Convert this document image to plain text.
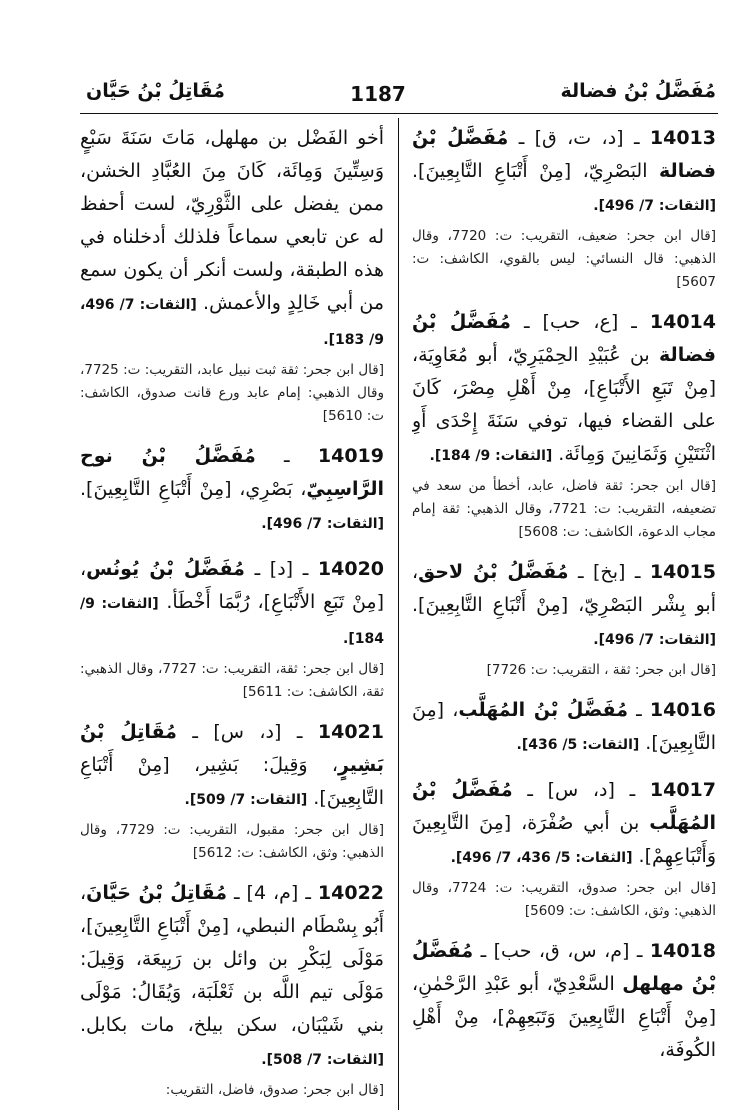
مُفَضَّلُ بْنُ فضالة
1187
مُقَاتِلُ بْنُ حَيَّان
14013 ـ [د، ت، ق] ـ مُفَضَّلُ بْنُ فضالة البَصْرِيّ، [مِنْ أَتْبَاعِ التَّابِعِينَ]. [الثقات: 7/ 496].
[قال ابن جحر: ضعيف، التقريب: ت: 7720، وقال الذهبي: قال النسائي: ليس بالقوي، الكاشف: ت: 5607]
14014 ـ [ع، حب] ـ مُفَضَّلُ بْنُ فضالة بن عُبَيْدِ الحِمْيَرِيّ، أبو مُعَاوِيَة، [مِنْ تَبَعِ الأَتْبَاعِ]، مِنْ أَهْلِ مِصْرَ، كَانَ على القضاء فيها، توفي سَنَةَ إِحْدَى أَوِ اثْنَتَيْنِ وَثَمَانِينَ وَمِائَة. [الثقات: 9/ 184].
[قال ابن جحر: ثقة فاضل، عابد، أخطأ من سعد في تضعيفه، التقريب: ت: 7721، وقال الذهبي: ثقة إمام مجاب الدعوة، الكاشف: ت: 5608]
14015 ـ [بخ] ـ مُفَضَّلُ بْنُ لاحق، أبو بِشْر البَصْرِيّ، [مِنْ أَتْبَاعِ التَّابِعِينَ]. [الثقات: 7/ 496].
[قال ابن جحر: ثقة ، التقريب: ت: 7726]
14016 ـ مُفَضَّلُ بْنُ المُهَلَّب، [مِنَ التَّابِعِينَ]. [الثقات: 5/ 436].
14017 ـ [د، س] ـ مُفَضَّلُ بْنُ المُهَلَّب بن أبي صُفْرَة، [مِنَ التَّابِعِينَ وَأَتْبَاعِهِمْ]. [الثقات: 5/ 436، 7/ 496].
[قال ابن جحر: صدوق، التقريب: ت: 7724، وقال الذهبي: وثق، الكاشف: ت: 5609]
14018 ـ [م، س، ق، حب] ـ مُفَضَّلُ بْنُ مهلهل السَّعْدِيّ، أبو عَبْدِ الرَّحْمٰنِ، [مِنْ أَتْبَاعِ التَّابِعِينَ وَتَبَعِهِمْ]، مِنْ أَهْلِ الكُوفَة،
أخو الفَضْل بن مهلهل، مَاتَ سَنَةَ سَبْعٍ وَسِتِّينَ وَمِائَة، كَانَ مِنَ العُبَّادِ الخشن، ممن يفضل على الثَّوْرِيّ، لست أحفظ له عن تابعي سماعاً فلذلك أدخلناه في هذه الطبقة، ولست أنكر أن يكون سمع من أبي خَالِدٍ والأعمش. [الثقات: 7/ 496، 9/ 183].
[قال ابن جحر: ثقة ثبت نبيل عابد، التقريب: ت: 7725، وقال الذهبي: إمام عابد ورع قانت صدوق، الكاشف: ت: 5610]
14019 ـ مُفَضَّلُ بْنُ نوح الرَّاسِبِيّ، بَصْرِي، [مِنْ أَتْبَاعِ التَّابِعِينَ]. [الثقات: 7/ 496].
14020 ـ [د] ـ مُفَضَّلُ بْنُ يُونُس، [مِنْ تَبَعِ الأَتْبَاعِ]، رُبَّمَا أَخْطَأ. [الثقات: 9/ 184].
[قال ابن جحر: ثقة، التقريب: ت: 7727، وقال الذهبي: ثقة، الكاشف: ت: 5611]
14021 ـ [د، س] ـ مُقَاتِلُ بْنُ بَشِيرٍ، وَقِيلَ: بَشِير، [مِنْ أَتْبَاعِ التَّابِعِينَ]. [الثقات: 7/ 509].
[قال ابن جحر: مقبول، التقريب: ت: 7729، وقال الذهبي: وثق، الكاشف: ت: 5612]
14022 ـ [م، 4] ـ مُقَاتِلُ بْنُ حَيَّانَ، أَبُو بِسْطَام النبطي، [مِنْ أَتْبَاعِ التَّابِعِينَ]، مَوْلَى لِبَكْرِ بن وائل بن رَبِيعَة، وَقِيلَ: مَوْلَى تيم اللَّه بن ثَعْلَبَة، وَيُقَالُ: مَوْلَى بني شَيْبَان، سكن بيلخ، مات بكابل. [الثقات: 7/ 508].
[قال ابن جحر: صدوق، فاضل، التقريب:
